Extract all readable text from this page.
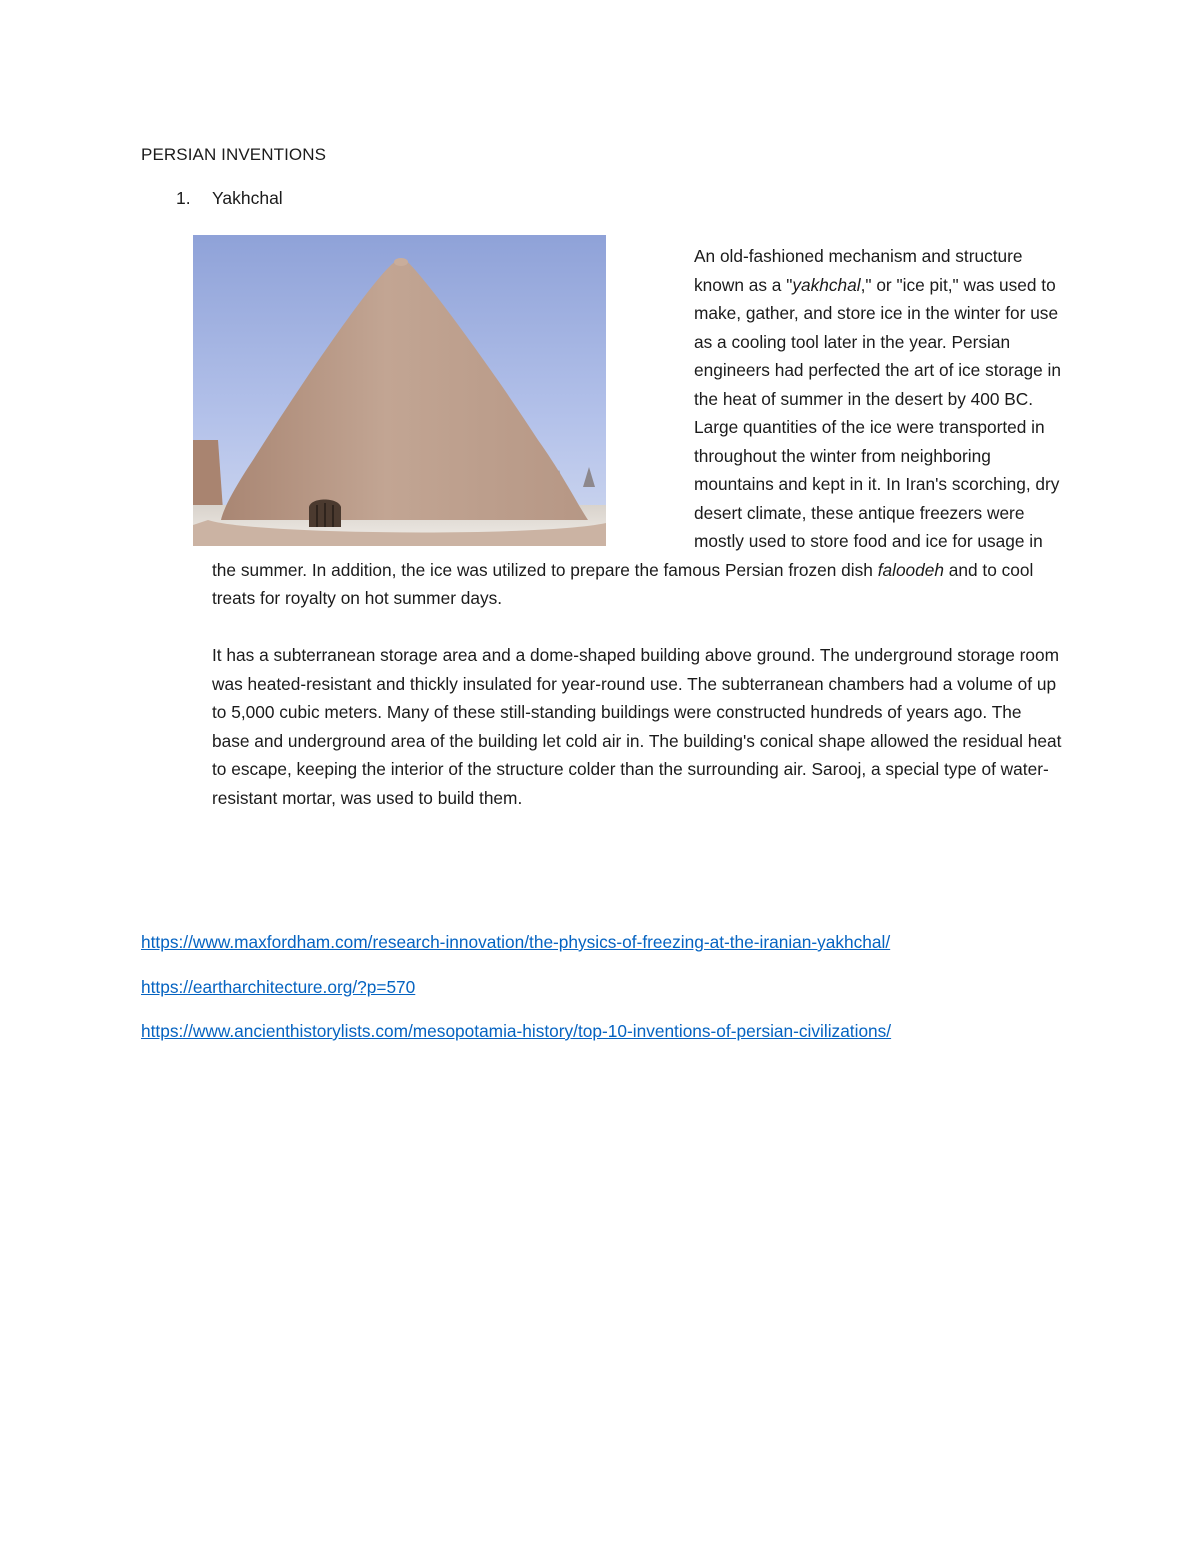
PERSIAN INVENTIONS
1. Yakhchal

An old-fashioned mechanism and structure known as a "yakhchal," or "ice pit," was used to make, gather, and store ice in the winter for use as a cooling tool later in the year. Persian engineers had perfected the art of ice storage in the heat of summer in the desert by 400 BC. Large quantities of the ice were transported in throughout the winter from neighboring mountains and kept in it. In Iran's scorching, dry desert climate, these antique freezers were mostly used to store food and ice for usage in the summer. In addition, the ice was utilized to prepare the famous Persian frozen dish faloodeh and to cool treats for royalty on hot summer days.

It has a subterranean storage area and a dome-shaped building above ground. The underground storage room was heated-resistant and thickly insulated for year-round use. The subterranean chambers had a volume of up to 5,000 cubic meters. Many of these still-standing buildings were constructed hundreds of years ago. The base and underground area of the building let cold air in. The building's conical shape allowed the residual heat to escape, keeping the interior of the structure colder than the surrounding air. Sarooj, a special type of water-resistant mortar, was used to build them.

https://www.maxfordham.com/research-innovation/the-physics-of-freezing-at-the-iranian-yakhchal/
https://eartharchitecture.org/?p=570
https://www.ancienthistorylists.com/mesopotamia-history/top-10-inventions-of-persian-civilizations/
